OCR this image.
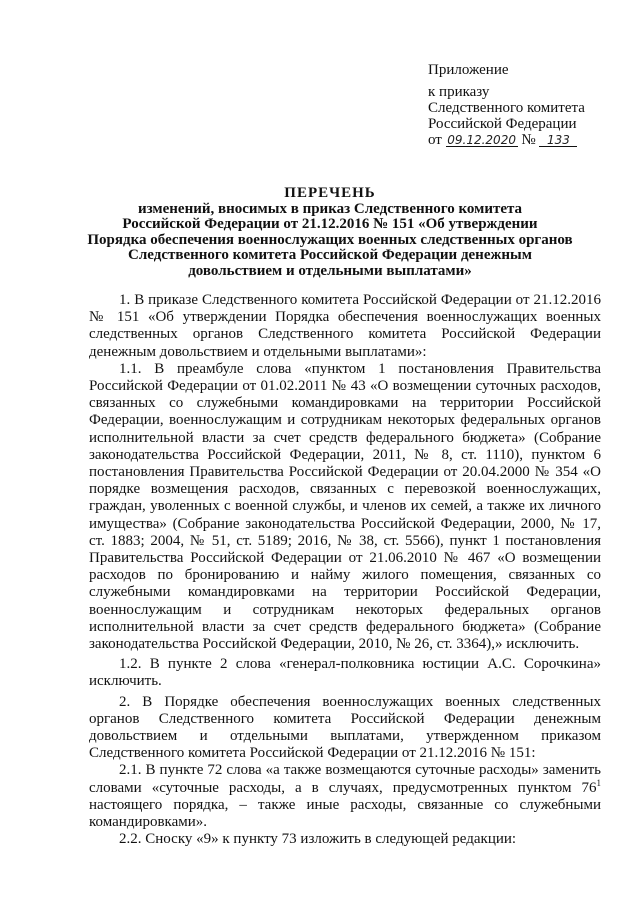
Приложение
к приказу
Следственного комитета
Российской Федерации
от 09.12.2020 № 133
ПЕРЕЧЕНЬ
изменений, вносимых в приказ Следственного комитета
Российской Федерации от 21.12.2016 № 151 «Об утверждении
Порядка обеспечения военнослужащих военных следственных органов
Следственного комитета Российской Федерации денежным
довольствием и отдельными выплатами»

1. В приказе Следственного комитета Российской Федерации от 21.12.2016 № 151 «Об утверждении Порядка обеспечения военнослужащих военных следственных органов Следственного комитета Российской Федерации денежным довольствием и отдельными выплатами»:

1.1. В преамбуле слова «пунктом 1 постановления Правительства Российской Федерации от 01.02.2011 № 43 «О возмещении суточных расходов, связанных со служебными командировками на территории Российской Федерации, военнослужащим и сотрудникам некоторых федеральных органов исполнительной власти за счет средств федерального бюджета» (Собрание законодательства Российской Федерации, 2011, № 8, ст. 1110), пунктом 6 постановления Правительства Российской Федерации от 20.04.2000 № 354 «О порядке возмещения расходов, связанных с перевозкой военнослужащих, граждан, уволенных с военной службы, и членов их семей, а также их личного имущества» (Собрание законодательства Российской Федерации, 2000, № 17, ст. 1883; 2004, № 51, ст. 5189; 2016, № 38, ст. 5566), пункт 1 постановления Правительства Российской Федерации от 21.06.2010 № 467 «О возмещении расходов по бронированию и найму жилого помещения, связанных со служебными командировками на территории Российской Федерации, военнослужащим и сотрудникам некоторых федеральных органов исполнительной власти за счет средств федерального бюджета» (Собрание законодательства Российской Федерации, 2010, № 26, ст. 3364),» исключить.

1.2. В пункте 2 слова «генерал-полковника юстиции А.С. Сорочкина» исключить.

2. В Порядке обеспечения военнослужащих военных следственных органов Следственного комитета Российской Федерации денежным довольствием и отдельными выплатами, утвержденном приказом Следственного комитета Российской Федерации от 21.12.2016 № 151:

2.1. В пункте 72 слова «а также возмещаются суточные расходы» заменить словами «суточные расходы, а в случаях, предусмотренных пунктом $76^1$ настоящего порядка, – также иные расходы, связанные со служебными командировками».

2.2. Сноску «9» к пункту 73 изложить в следующей редакции:
